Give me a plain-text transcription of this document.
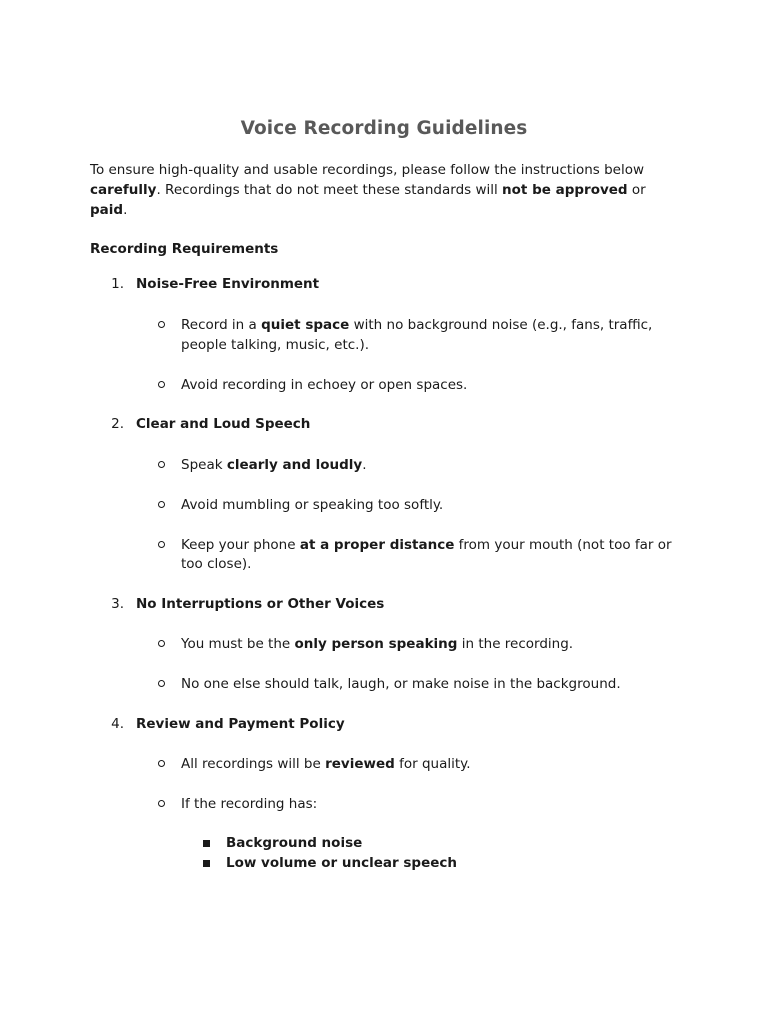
Voice Recording Guidelines
To ensure high-quality and usable recordings, please follow the instructions below
carefully. Recordings that do not meet these standards will not be approved or
paid.
Recording Requirements
1. Noise-Free Environment
Record in a quiet space with no background noise (e.g., fans, traffic,
people talking, music, etc.).
Avoid recording in echoey or open spaces.
2. Clear and Loud Speech
Speak clearly and loudly.
Avoid mumbling or speaking too softly.
Keep your phone at a proper distance from your mouth (not too far or
too close).
3. No Interruptions or Other Voices
You must be the only person speaking in the recording.
No one else should talk, laugh, or make noise in the background.
4. Review and Payment Policy
All recordings will be reviewed for quality.
If the recording has:
Background noise
Low volume or unclear speech
